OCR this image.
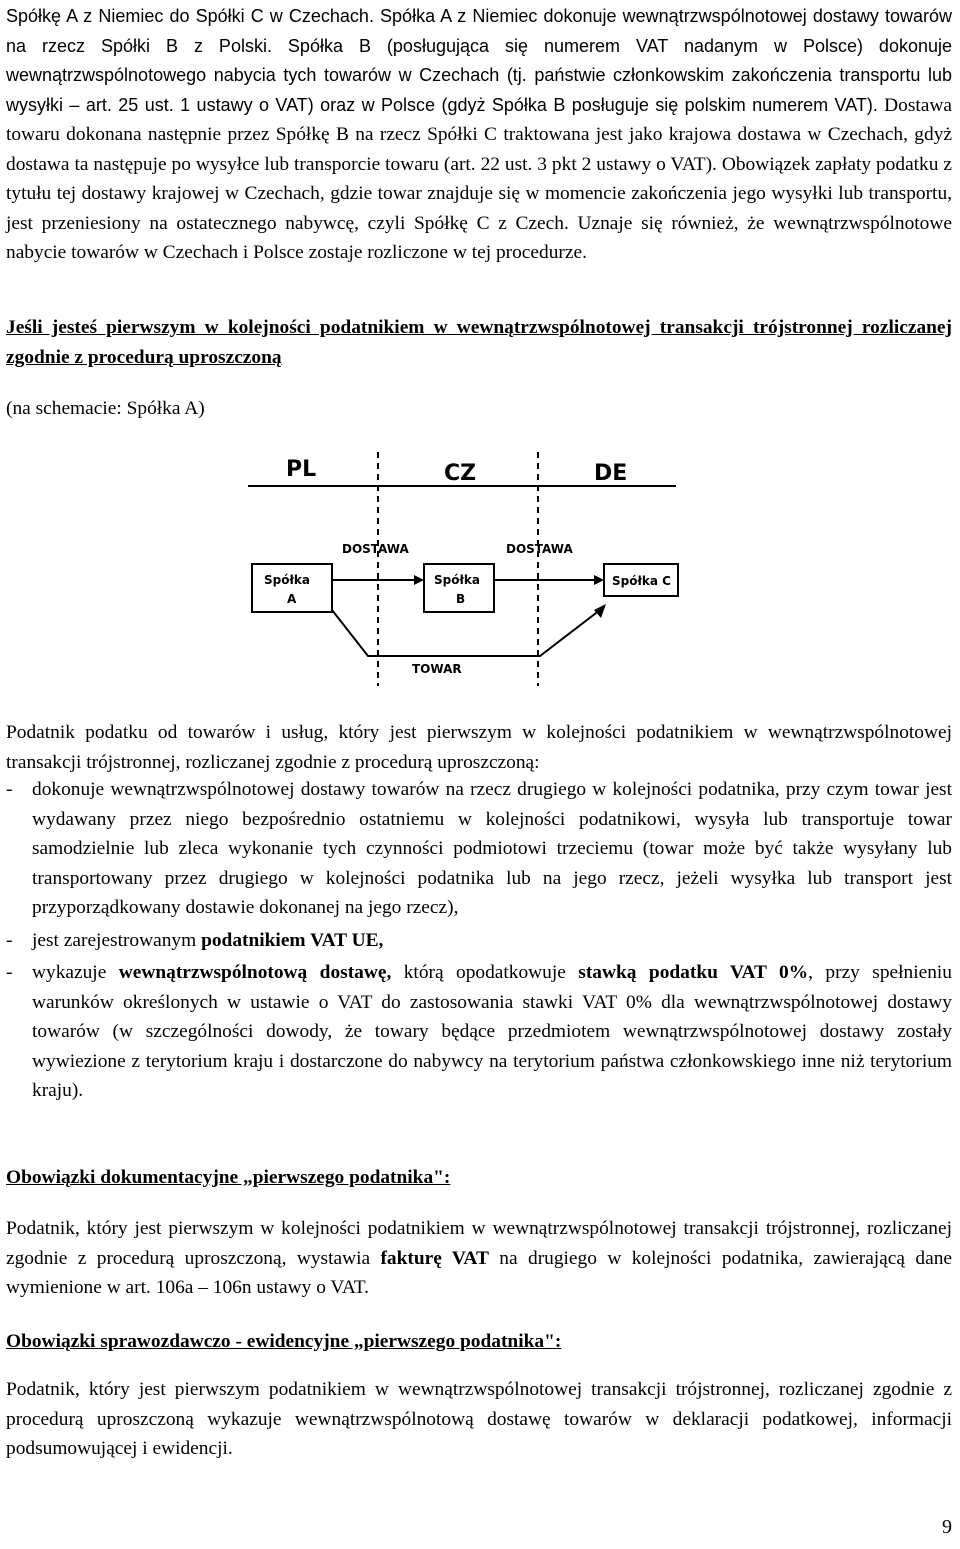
Spółkę A z Niemiec do Spółki C w Czechach. Spółka A z Niemiec dokonuje wewnątrzwspólnotowej dostawy towarów na rzecz Spółki B z Polski. Spółka B (posługująca się numerem VAT nadanym w Polsce) dokonuje wewnątrzwspólnotowego nabycia tych towarów w Czechach (tj. państwie członkowskim zakończenia transportu lub wysyłki – art. 25 ust. 1 ustawy o VAT) oraz w Polsce (gdyż Spółka B posługuje się polskim numerem VAT). Dostawa towaru dokonana następnie przez Spółkę B na rzecz Spółki C traktowana jest jako krajowa dostawa w Czechach, gdyż dostawa ta następuje po wysyłce lub transporcie towaru (art. 22 ust. 3 pkt 2 ustawy o VAT). Obowiązek zapłaty podatku z tytułu tej dostawy krajowej w Czechach, gdzie towar znajduje się w momencie zakończenia jego wysyłki lub transportu, jest przeniesiony na ostatecznego nabywcę, czyli Spółkę C z Czech. Uznaje się również, że wewnątrzwspólnotowe nabycie towarów w Czechach i Polsce zostaje rozliczone w tej procedurze.

Jeśli jesteś pierwszym w kolejności podatnikiem w wewnątrzwspólnotowej transakcji trójstronnej rozliczanej zgodnie z procedurą uproszczoną

(na schemacie: Spółka A)

PL	CZ	DE
DOSTAWA	DOSTAWA
Spółka
A
Spółka
B
Spółka C
TOWAR

Podatnik podatku od towarów i usług, który jest pierwszym w kolejności podatnikiem w wewnątrzwspólnotowej transakcji trójstronnej, rozliczanej zgodnie z procedurą uproszczoną:

- dokonuje wewnątrzwspólnotowej dostawy towarów na rzecz drugiego w kolejności podatnika, przy czym towar jest wydawany przez niego bezpośrednio ostatniemu w kolejności podatnikowi, wysyła lub transportuje towar samodzielnie lub zleca wykonanie tych czynności podmiotowi trzeciemu (towar może być także wysyłany lub transportowany przez drugiego w kolejności podatnika lub na jego rzecz, jeżeli wysyłka lub transport jest przyporządkowany dostawie dokonanej na jego rzecz),
- jest zarejestrowanym podatnikiem VAT UE,
- wykazuje wewnątrzwspólnotową dostawę, którą opodatkowuje stawką podatku VAT 0%, przy spełnieniu warunków określonych w ustawie o VAT do zastosowania stawki VAT 0% dla wewnątrzwspólnotowej dostawy towarów (w szczególności dowody, że towary będące przedmiotem wewnątrzwspólnotowej dostawy zostały wywiezione z terytorium kraju i dostarczone do nabywcy na terytorium państwa członkowskiego inne niż terytorium kraju).

Obowiązki dokumentacyjne „pierwszego podatnika":

Podatnik, który jest pierwszym w kolejności podatnikiem w wewnątrzwspólnotowej transakcji trójstronnej, rozliczanej zgodnie z procedurą uproszczoną, wystawia fakturę VAT na drugiego w kolejności podatnika, zawierającą dane wymienione w art. 106a – 106n ustawy o VAT.

Obowiązki sprawozdawczo - ewidencyjne „pierwszego podatnika":

Podatnik, który jest pierwszym podatnikiem w wewnątrzwspólnotowej transakcji trójstronnej, rozliczanej zgodnie z procedurą uproszczoną wykazuje wewnątrzwspólnotową dostawę towarów w deklaracji podatkowej, informacji podsumowującej i ewidencji.

9
